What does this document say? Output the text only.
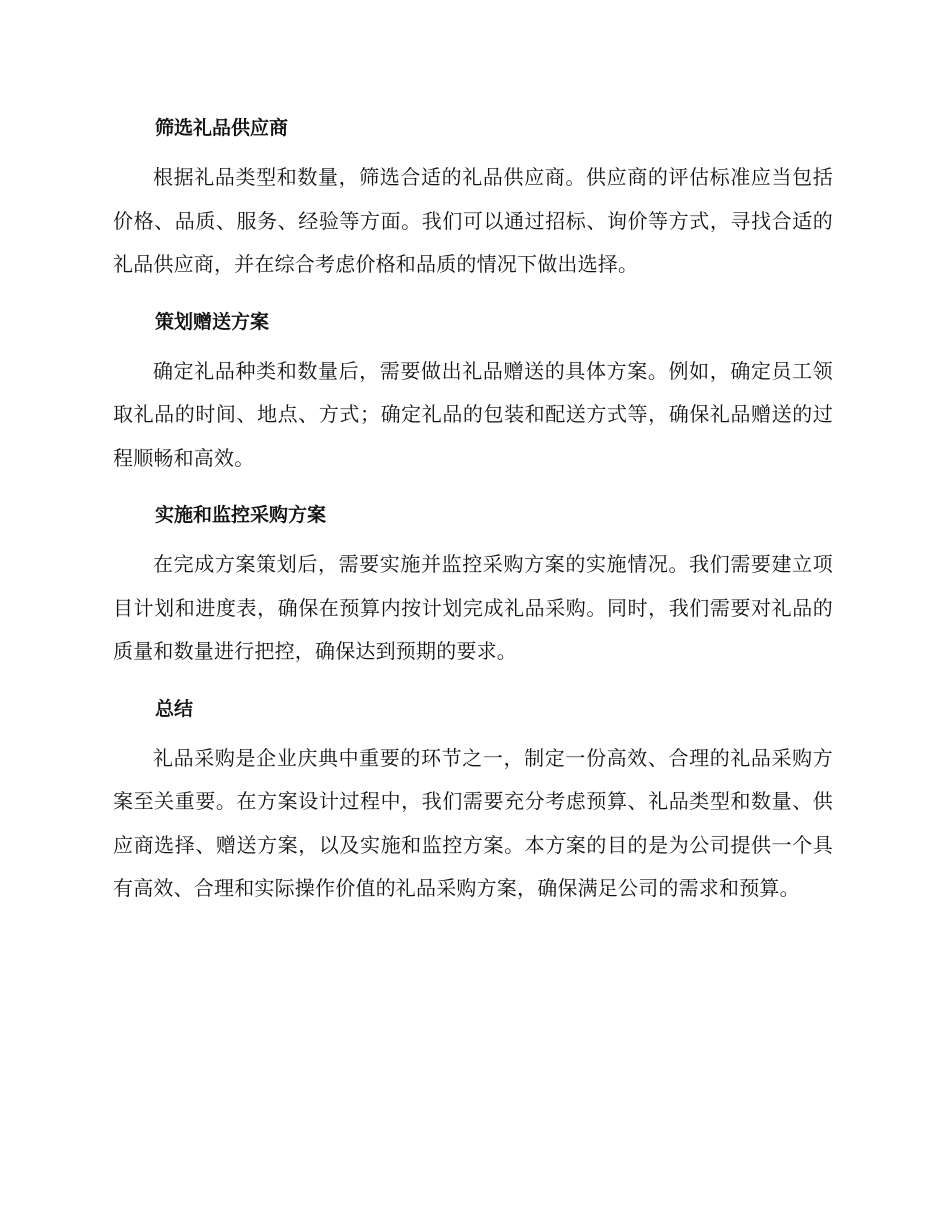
筛选礼品供应商

根据礼品类型和数量，筛选合适的礼品供应商。供应商的评估标准应当包括价格、品质、服务、经验等方面。我们可以通过招标、询价等方式，寻找合适的礼品供应商，并在综合考虑价格和品质的情况下做出选择。

策划赠送方案

确定礼品种类和数量后，需要做出礼品赠送的具体方案。例如，确定员工领取礼品的时间、地点、方式；确定礼品的包装和配送方式等，确保礼品赠送的过程顺畅和高效。

实施和监控采购方案

在完成方案策划后，需要实施并监控采购方案的实施情况。我们需要建立项目计划和进度表，确保在预算内按计划完成礼品采购。同时，我们需要对礼品的质量和数量进行把控，确保达到预期的要求。

总结

礼品采购是企业庆典中重要的环节之一，制定一份高效、合理的礼品采购方案至关重要。在方案设计过程中，我们需要充分考虑预算、礼品类型和数量、供应商选择、赠送方案，以及实施和监控方案。本方案的目的是为公司提供一个具有高效、合理和实际操作价值的礼品采购方案，确保满足公司的需求和预算。
